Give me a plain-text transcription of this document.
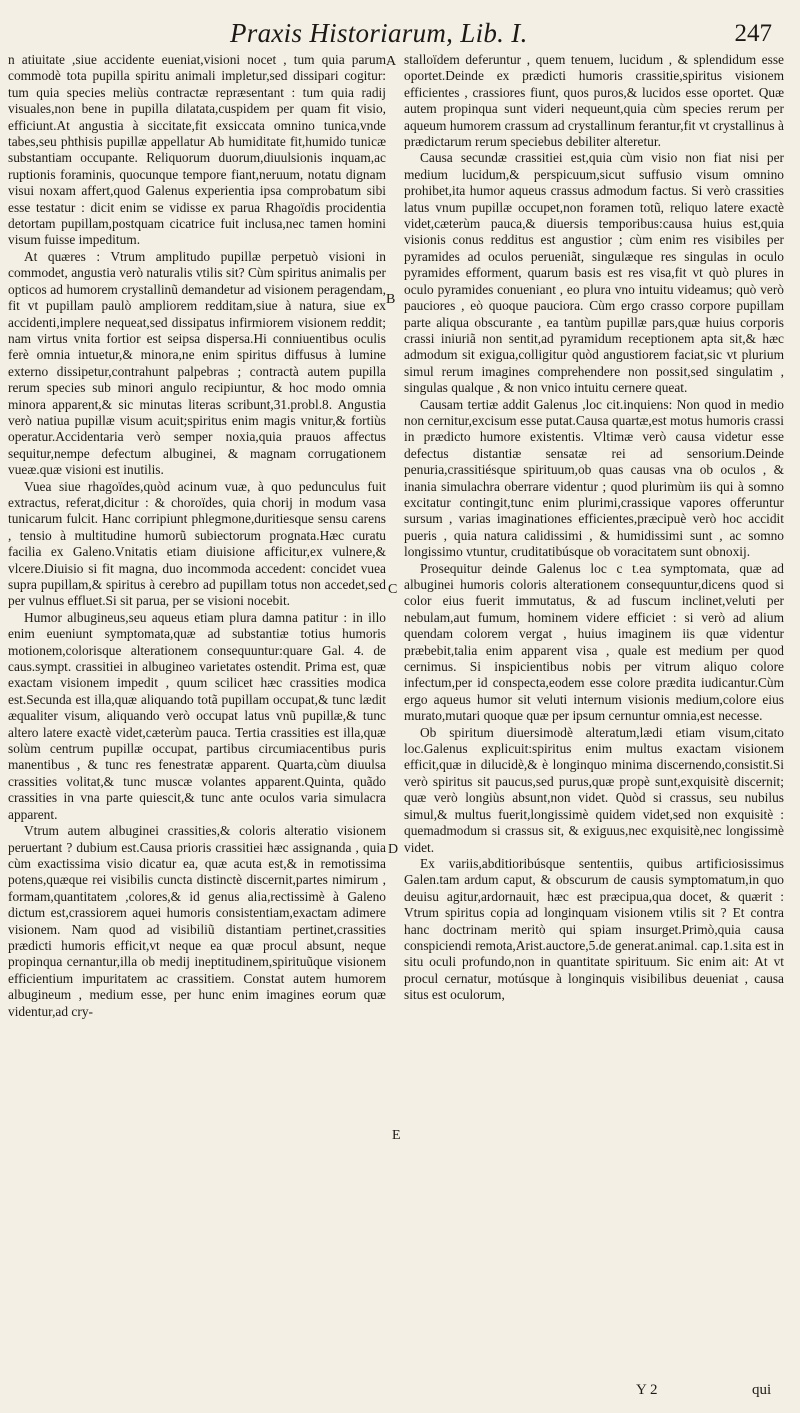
Praxis Historiarum, Lib. I.	247

n atiuitate ,siue accidente eueniat,visioni nocet , tum quia parum commodè tota pupilla spiritu animali impletur,sed dissipari cogitur: tum quia species meliùs contractæ repræsentant : tum quia radij visuales,non bene in pupilla dilatata,cuspidem per quam fit visio, efficiunt.At angustia à siccitate,fit exsiccata omnino tunica,vnde tabes,seu phthisis pupillæ appellatur Ab humiditate fit,humido tunicæ substantiam occupante. Reliquorum duorum,diuulsionis inquam,ac ruptionis foraminis, quocunque tempore fiant,neruum, notatu dignam visui noxam affert,quod Galenus experientia ipsa comprobatum sibi esse testatur : dicit enim se vidisse ex parua Rhagoïdis procidentia detortam pupillam,postquam cicatrice fuit inclusa,nec tamen homini visum fuisse impeditum.

At quæres : Vtrum amplitudo pupillæ perpetuò visioni in commodet, angustia verò naturalis vtilis sit? Cùm spiritus animalis per opticos ad humorem crystallinũ demandetur ad visionem peragendam, fit vt pupillam paulò ampliorem redditam,siue à natura, siue ex accidenti,implere nequeat,sed dissipatus infirmiorem visionem reddit; nam virtus vnita fortior est seipsa dispersa.Hi conniuentibus oculis ferè omnia intuetur,& minora,ne enim spiritus diffusus à lumine externo dissipetur,contrahunt palpebras ; contractà autem pupilla rerum species sub minori angulo recipiuntur, & hoc modo omnia minora apparent,& sic minutas literas scribunt,31.probl.8. Angustia verò natiua pupillæ visum acuit;spiritus enim magis vnitur,& fortiùs operatur.Accidentaria verò semper noxia,quia prauos affectus sequitur,nempe defectum albuginei, & magnam corrugationem vueæ.quæ visioni est inutilis.

Vuea siue rhagoïdes,quòd acinum vuæ, à quo pedunculus fuit extractus, referat,dicitur : & choroïdes, quia chorij in modum vasa tunicarum fulcit. Hanc corripiunt phlegmone,duritiesque sensu carens , tensio à multitudine humorũ subiectorum prognata.Hæc curatu facilia ex Galeno.Vnitatis etiam diuisione afficitur,ex vulnere,& vlcere.Diuisio si fit magna, duo incommoda accedent: concidet vuea supra pupillam,& spiritus à cerebro ad pupillam totus non accedet,sed per vulnus effluet.Si sit parua, per se visioni nocebit.

Humor albugineus,seu aqueus etiam plura damna patitur : in illo enim eueniunt symptomata,quæ ad substantiæ totius humoris motionem,colorisque alterationem consequuntur:quare Gal. 4. de caus.sympt. crassitiei in albugineo varietates ostendit. Prima est, quæ exactam visionem impedit , quum scilicet hæc crassities modica est.Secunda est illa,quæ aliquando totã pupillam occupat,& tunc lædit æqualiter visum, aliquando verò occupat latus vnũ pupillæ,& tunc altero latere exactè videt,cæterùm pauca. Tertia crassities est illa,quæ solùm centrum pupillæ occupat, partibus circumiacentibus puris manentibus , & tunc res fenestratæ apparent. Quarta,cùm diuulsa crassities volitat,& tunc muscæ volantes apparent.Quinta, quãdo crassities in vna parte quiescit,& tunc ante oculos varia simulacra apparent.

Vtrum autem albuginei crassities,& coloris alteratio visionem peruertant ? dubium est.Causa prioris crassitiei hæc assignanda , quia cùm exactissima visio dicatur ea, quæ acuta est,& in remotissima potens,quæque rei visibilis cuncta distinctè discernit,partes nimirum , formam,quantitatem ,colores,& id genus alia,rectissimè à Galeno dictum est,crassiorem aquei humoris consistentiam,exactam adimere visionem. Nam quod ad visibiliũ distantiam pertinet,crassities prædicti humoris efficit,vt neque ea quæ procul absunt, neque propinqua cernantur,illa ob medij ineptitudinem,spirituũque visionem efficientium impuritatem ac crassitiem. Constat autem humorem albugineum , medium esse, per hunc enim imagines eorum quæ videntur,ad cry-

stalloïdem deferuntur , quem tenuem, lucidum , & splendidum esse oportet.Deinde ex prædicti humoris crassitie,spiritus visionem efficientes , crassiores fiunt, quos puros,& lucidos esse oportet. Quæ autem propinqua sunt videri nequeunt,quia cùm species rerum per aqueum humorem crassum ad crystallinum ferantur,fit vt crystallinus à prædictarum rerum speciebus debiliter alteretur.

Causa secundæ crassitiei est,quia cùm visio non fiat nisi per medium lucidum,& perspicuum,sicut suffusio visum omnino prohibet,ita humor aqueus crassus admodum factus. Si verò crassities latus vnum pupillæ occupet,non foramen totũ, reliquo latere exactè videt,cæterùm pauca,& diuersis temporibus:causa huius est,quia visionis conus redditus est angustior ; cùm enim res visibiles per pyramides ad oculos perueniãt, singulæque res singulas in oculo pyramides efforment, quarum basis est res visa,fit vt quò plures in oculo pyramides conueniant , eo plura vno intuitu videamus; quò verò pauciores , eò quoque pauciora. Cùm ergo crasso corpore pupillam parte aliqua obscurante , ea tantùm pupillæ pars,quæ huius corporis crassi iniuriã non sentit,ad pyramidum receptionem apta sit,& hæc admodum sit exigua,colligitur quòd angustiorem faciat,sic vt plurium simul rerum imagines comprehendere non possit,sed singulatim , singulas qualque , & non vnico intuitu cernere queat.

Causam tertiæ addit Galenus ,loc cit.inquiens: Non quod in medio non cernitur,excisum esse putat.Causa quartæ,est motus humoris crassi in prædicto humore existentis. Vltimæ verò causa videtur esse defectus distantiæ sensatæ rei ad sensorium.Deinde penuria,crassitiésque spirituum,ob quas causas vna ob oculos , & inania simulachra oberrare videntur ; quod plurimùm iis qui à somno excitatur contingit,tunc enim plurimi,crassique vapores offeruntur sursum , varias imaginationes efficientes,præcipuè verò hoc accidit pueris , quia natura calidissimi , & humidissimi sunt , ac somno longissimo vtuntur, cruditatibúsque ob voracitatem sunt obnoxij.

Prosequitur deinde Galenus loc c t.ea symptomata, quæ ad albuginei humoris coloris alterationem consequuntur,dicens quod si color eius fuerit immutatus, & ad fuscum inclinet,veluti per nebulam,aut fumum, hominem videre efficiet : si verò ad alium quendam colorem vergat , huius imaginem iis quæ videntur præbebit,talia enim apparent visa , quale est medium per quod cernimus. Si inspicientibus nobis per vitrum aliquo colore infectum,per id conspecta,eodem esse colore prædita iudicantur.Cùm ergo aqueus humor sit veluti internum visionis medium,colore eius murato,mutari quoque quæ per ipsum cernuntur omnia,est necesse.

Ob spiritum diuersimodè alteratum,lædi etiam visum,citato loc.Galenus explicuit:spiritus enim multus exactam visionem efficit,quæ in dilucidè,& è longinquo minima discernendo,consistit.Si verò spiritus sit paucus,sed purus,quæ propè sunt,exquisitè discernit; quæ verò longiùs absunt,non videt. Quòd si crassus, seu nubilus simul,& multus fuerit,longissimè quidem videt,sed non exquisitè : quemadmodum si crassus sit, & exiguus,nec exquisitè,nec longissimè videt.

Ex variis,abditioribúsque sententiis, quibus artificiosissimus Galen.tam ardum caput, & obscurum de causis symptomatum,in quo deuisu agitur,ardornauit, hæc est præcipua,qua docet, & quærit : Vtrum spiritus copia ad longinquam visionem vtilis sit ? Et contra hanc doctrinam meritò qui spiam insurget.Primò,quia causa conspiciendi remota,Arist.auctore,5.de generat.animal. cap.1.sita est in situ oculi profundo,non in quantitate spirituum. Sic enim ait: At vt procul cernatur, motúsque à longinquis visibilibus deueniat , causa situs est oculorum,

A
B
C
D
E
Y 2	qui
